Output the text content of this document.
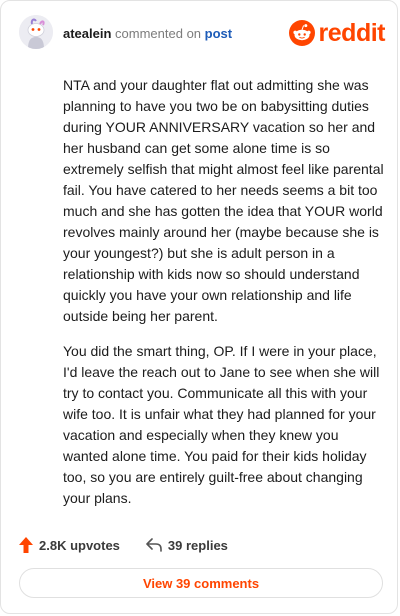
atealein commented on post	reddit

NTA and your daughter flat out admitting she was planning to have you two be on babysitting duties during YOUR ANNIVERSARY vacation so her and her husband can get some alone time is so extremely selfish that might almost feel like parental fail. You have catered to her needs seems a bit too much and she has gotten the idea that YOUR world revolves mainly around her (maybe because she is your youngest?) but she is adult person in a relationship with kids now so should understand quickly you have your own relationship and life outside being her parent.

You did the smart thing, OP. If I were in your place, I'd leave the reach out to Jane to see when she will try to contact you. Communicate all this with your wife too. It is unfair what they had planned for your vacation and especially when they knew you wanted alone time. You paid for their kids holiday too, so you are entirely guilt-free about changing your plans.

2.8K upvotes	39 replies
View 39 comments
